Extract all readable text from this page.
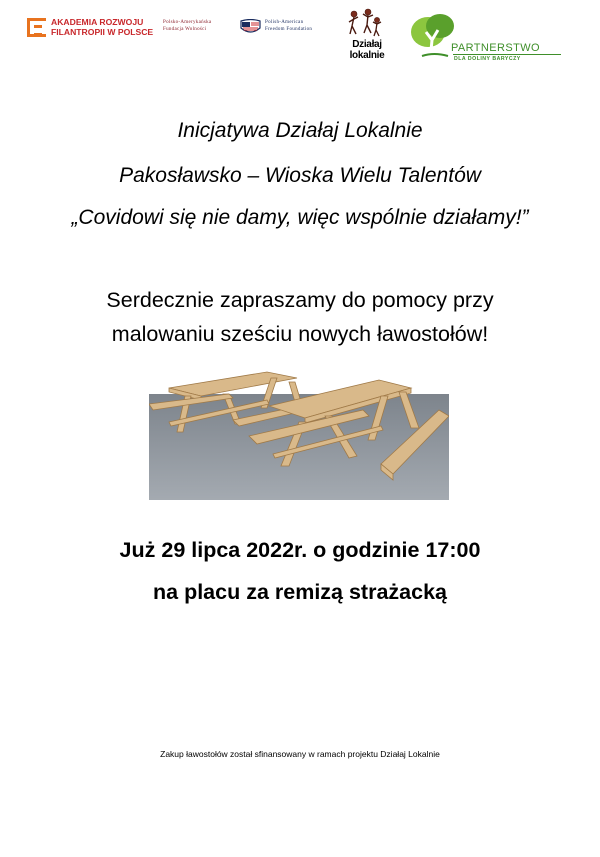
AKADEMIA ROZWOJU
FILANTROPII W POLSCE
Polsko-Amerykańska
Fundacja Wolności
Polish-American
Freedom Foundation
Działaj
lokalnie
PARTNERSTWO
DLA DOLINY BARYCZY
Inicjatywa Działaj Lokalnie
Pakosławsko – Wioska Wielu Talentów
„Covidowi się nie damy, więc wspólnie działamy!”
Serdecznie zapraszamy do pomocy przy
malowaniu sześciu nowych ławostołów!
Już 29 lipca 2022r. o godzinie 17:00
na placu za remizą strażacką
Zakup ławostołów został sfinansowany w ramach projektu Działaj Lokalnie
